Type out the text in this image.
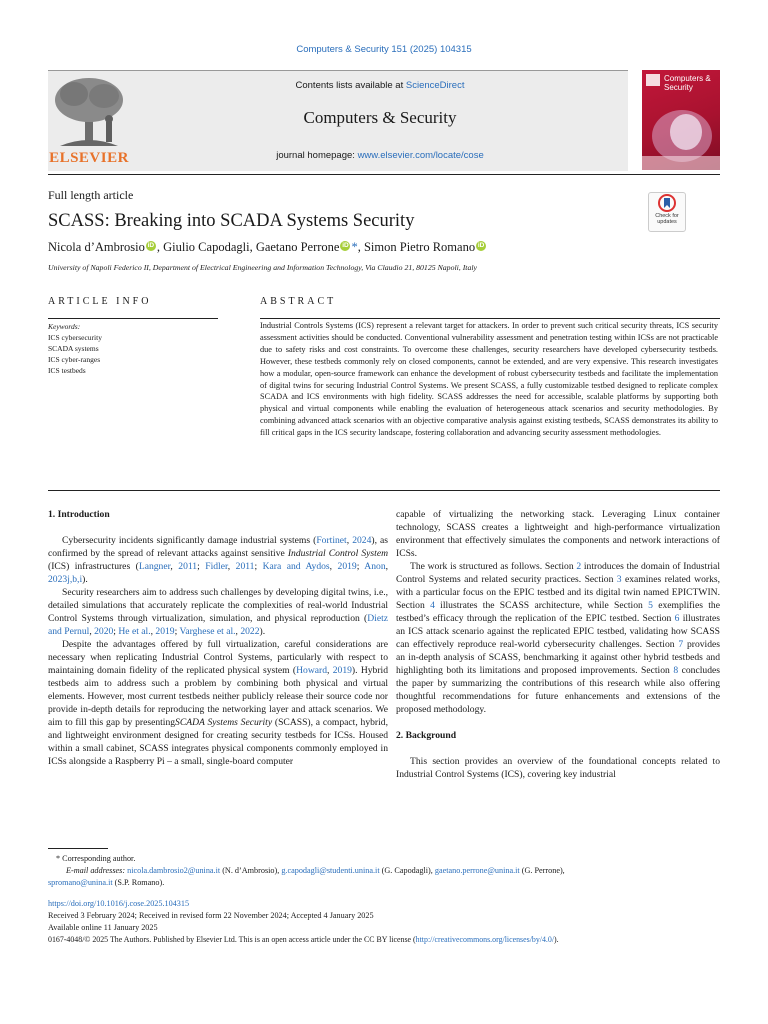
Computers & Security 151 (2025) 104315
ELSEVIER
Contents lists available at ScienceDirect
Computers & Security
journal homepage: www.elsevier.com/locate/cose
Computers & Security
Full length article
SCASS: Breaking into SCADA Systems Security	Check for updates
Nicola d’Ambrosio iD , Giulio Capodagli, Gaetano Perrone iD *, Simon Pietro Romano iD
University of Napoli Federico II, Department of Electrical Engineering and Information Technology, Via Claudio 21, 80125 Napoli, Italy
ARTICLE INFO	ABSTRACT
Keywords:
ICS cybersecurity
SCADA systems
ICS cyber-ranges
ICS testbeds
Industrial Controls Systems (ICS) represent a relevant target for attackers. In order to prevent such critical security threats, ICS security assessment activities should be conducted. Conventional vulnerability assessment and penetration testing within ICSs are not practicable due to safety risks and cost constraints. To overcome these challenges, security researchers have developed cybersecurity testbeds. However, these testbeds commonly rely on closed components, cannot be extended, and are very expensive. This research investigates how a modular, open-source framework can enhance the development of robust cybersecurity testbeds and facilitate the implementation of digital twins for securing Industrial Control Systems. We present SCASS, a fully customizable testbed designed to replicate complex SCADA and ICS environments with high fidelity. SCASS addresses the need for accessible, scalable platforms by supporting both physical and virtual components while enabling the evaluation of heterogeneous attack scenarios and security methodologies. By combining advanced attack scenarios with an objective comparative analysis against existing testbeds, SCASS demonstrates its ability to fill critical gaps in the ICS security landscape, fostering collaboration and advancing security assessment methodologies.

1. Introduction

Cybersecurity incidents significantly damage industrial systems (Fortinet, 2024), as confirmed by the spread of relevant attacks against sensitive Industrial Control System (ICS) infrastructures (Langner, 2011; Fidler, 2011; Kara and Aydos, 2019; Anon, 2023j,b,i).

Security researchers aim to address such challenges by developing digital twins, i.e., detailed simulations that accurately replicate the complexities of real-world Industrial Control Systems through virtualization, simulation, and physical reproduction (Dietz and Pernul, 2020; He et al., 2019; Varghese et al., 2022).

Despite the advantages offered by full virtualization, careful considerations are necessary when replicating Industrial Control Systems, particularly with respect to maintaining domain fidelity of the replicated physical system (Howard, 2019). Hybrid testbeds aim to address such a problem by combining both physical and virtual elements. However, most current testbeds neither publicly release their source code nor provide in-depth details for reproducing the networking layer and attack scenarios. We aim to fill this gap by presentingSCADA Systems Security (SCASS), a compact, hybrid, and lightweight environment designed for creating security testbeds for ICSs. Housed within a small cabinet, SCASS integrates physical components commonly employed in ICSs alongside a Raspberry Pi – a small, single-board computer

capable of virtualizing the networking stack. Leveraging Linux container technology, SCASS creates a lightweight and high-performance virtualization environment that effectively simulates the components and network interactions of ICSs.

The work is structured as follows. Section 2 introduces the domain of Industrial Control Systems and related security practices. Section 3 examines related works, with a particular focus on the EPIC testbed and its digital twin named EPICTWIN. Section 4 illustrates the SCASS architecture, while Section 5 exemplifies the testbed’s efficacy through the replication of the EPIC testbed. Section 6 illustrates an ICS attack scenario against the replicated EPIC testbed, validating how SCASS can effectively reproduce real-world cybersecurity challenges. Section 7 provides an in-depth analysis of SCASS, benchmarking it against other hybrid testbeds and highlighting both its limitations and proposed improvements. Section 8 concludes the paper by summarizing the contributions of this research while also offering thoughtful recommendations for future enhancements and extensions of the proposed methodology.

2. Background

This section provides an overview of the foundational concepts related to Industrial Control Systems (ICS), covering key industrial

* Corresponding author.
E-mail addresses: nicola.dambrosio2@unina.it (N. d’Ambrosio), g.capodagli@studenti.unina.it (G. Capodagli), gaetano.perrone@unina.it (G. Perrone),
spromano@unina.it (S.P. Romano).
https://doi.org/10.1016/j.cose.2025.104315
Received 3 February 2024; Received in revised form 22 November 2024; Accepted 4 January 2025
Available online 11 January 2025
0167-4048/© 2025 The Authors. Published by Elsevier Ltd. This is an open access article under the CC BY license (http://creativecommons.org/licenses/by/4.0/).
